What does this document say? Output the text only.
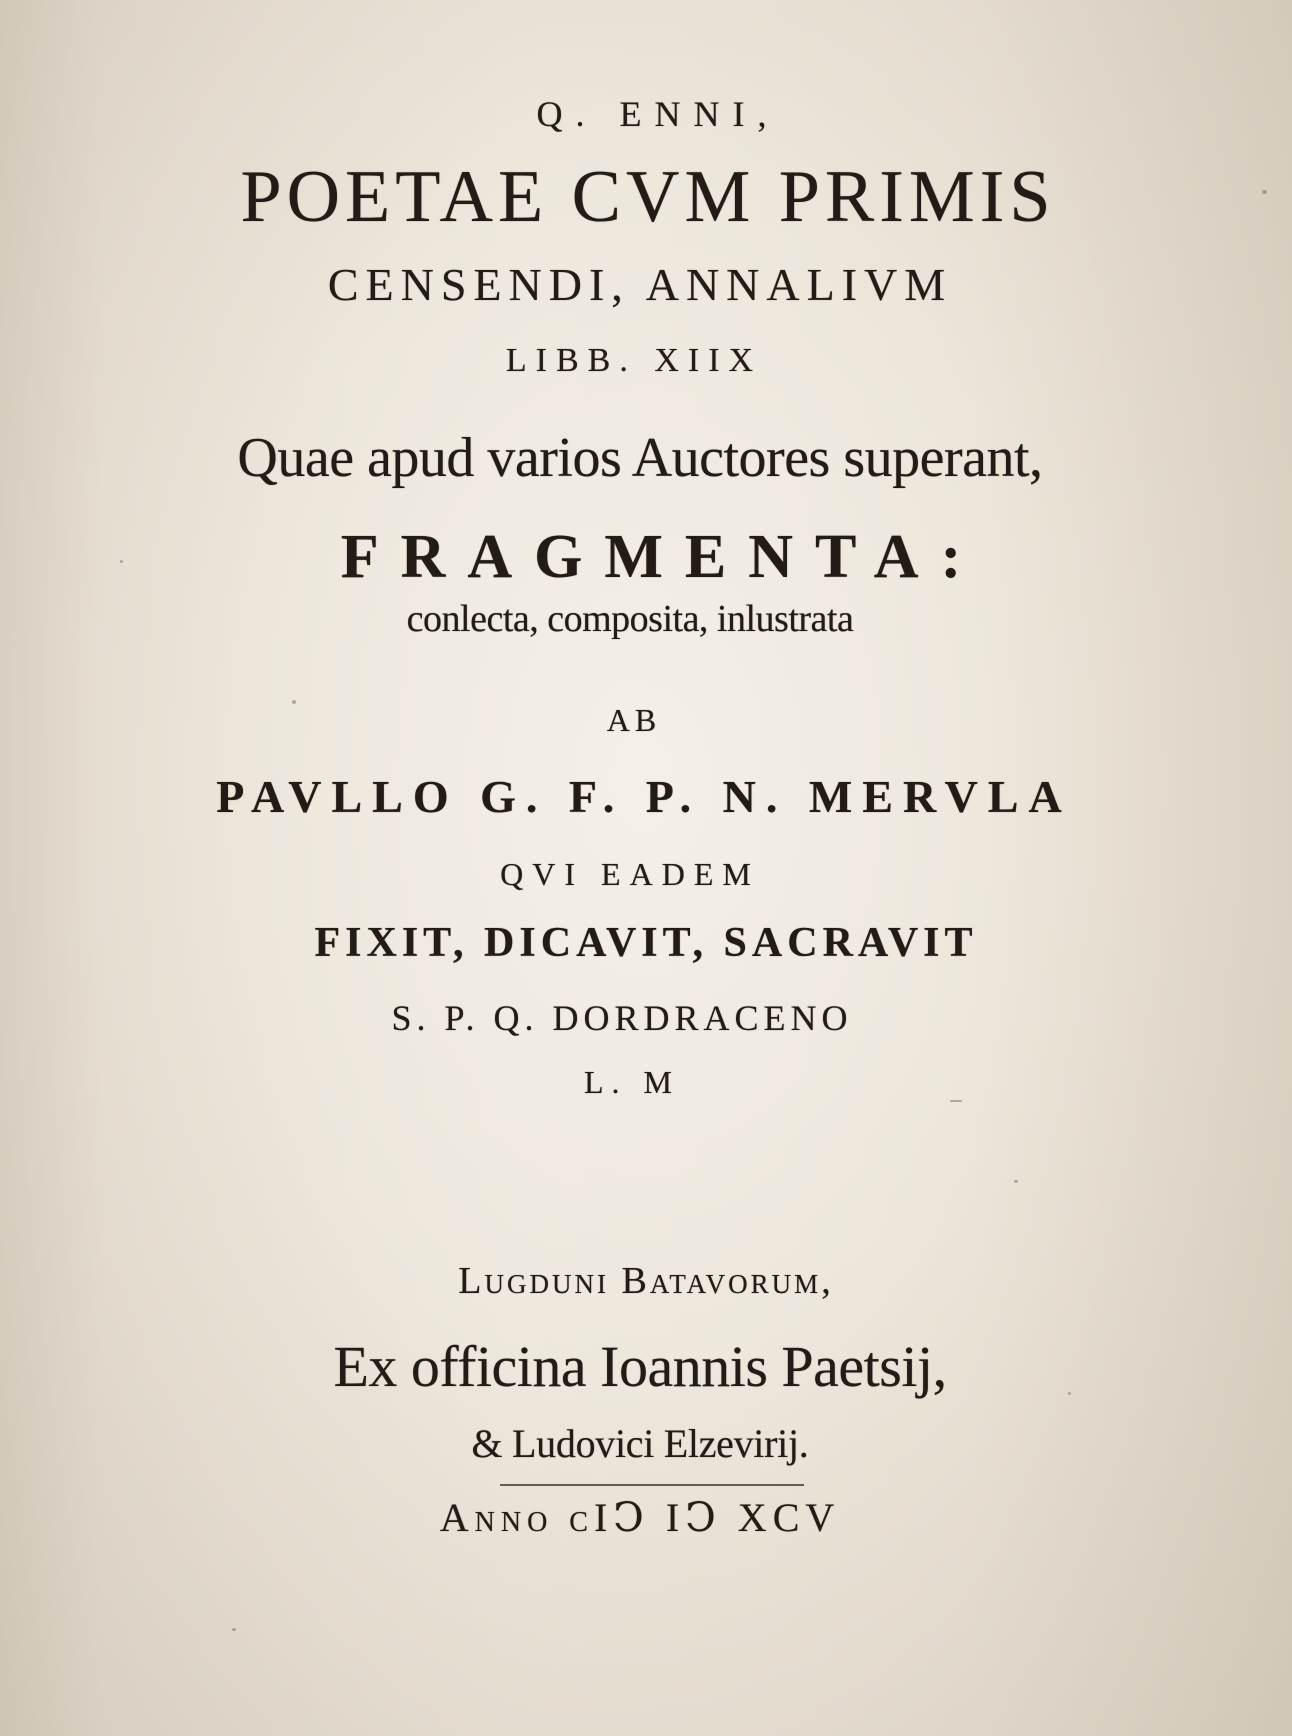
Q. ENNI,
POETAE CVM PRIMIS
CENSENDI, ANNALIVM
LIBB. XIIX
Quae apud varios Auctores superant,
FRAGMENTA:
conlecta, composita, inlustrata
AB
PAVLLO G. F. P. N. MERVLA
QVI EADEM
FIXIT, DICAVIT, SACRAVIT
S. P. Q. DORDRACENO
L. M
Lugduni Batavorum,
Ex officina Ioannis Paetsij,
& Ludovici Elzevirij.
Anno cIↃ IↃ XCV
